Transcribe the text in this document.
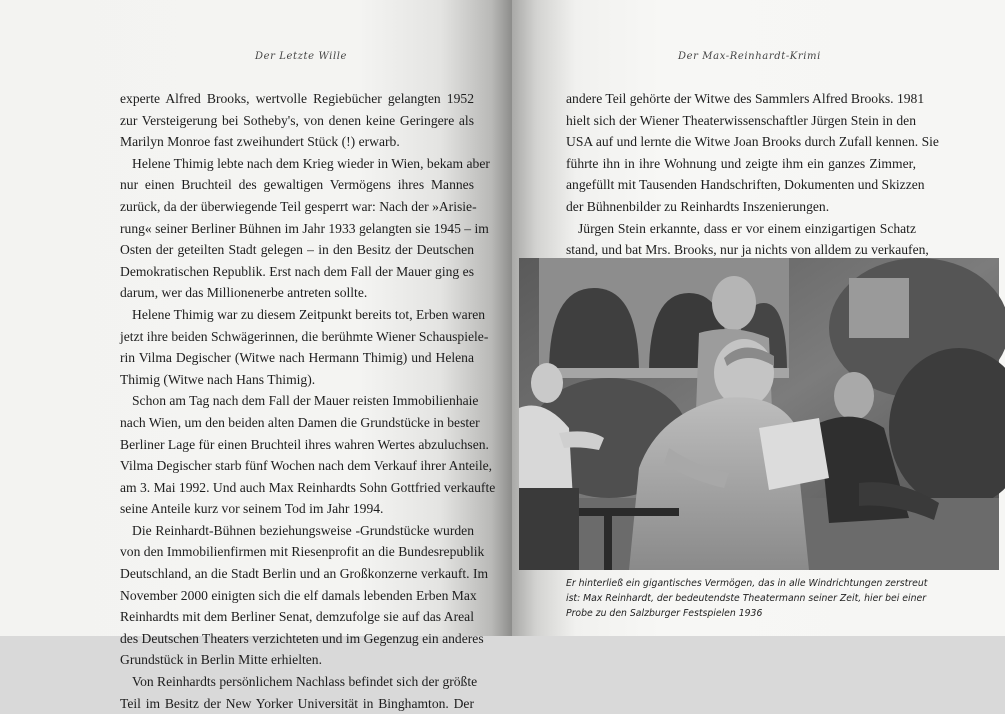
Der Letzte Wille
experte Alfred Brooks, wertvolle Regiebücher gelangten 1952
zur Versteigerung bei Sotheby's, von denen keine Geringere als
Marilyn Monroe fast zweihundert Stück (!) erwarb.
Helene Thimig lebte nach dem Krieg wieder in Wien, bekam aber
nur einen Bruchteil des gewaltigen Vermögens ihres Mannes
zurück, da der überwiegende Teil gesperrt war: Nach der »Arisie-
rung« seiner Berliner Bühnen im Jahr 1933 gelangten sie 1945 – im
Osten der geteilten Stadt gelegen – in den Besitz der Deutschen
Demokratischen Republik. Erst nach dem Fall der Mauer ging es
darum, wer das Millionenerbe antreten sollte.
Helene Thimig war zu diesem Zeitpunkt bereits tot, Erben waren
jetzt ihre beiden Schwägerinnen, die berühmte Wiener Schauspiele-
rin Vilma Degischer (Witwe nach Hermann Thimig) und Helena
Thimig (Witwe nach Hans Thimig).
Schon am Tag nach dem Fall der Mauer reisten Immobilienhaie
nach Wien, um den beiden alten Damen die Grundstücke in bester
Berliner Lage für einen Bruchteil ihres wahren Wertes abzuluchsen.
Vilma Degischer starb fünf Wochen nach dem Verkauf ihrer Anteile,
am 3. Mai 1992. Und auch Max Reinhardts Sohn Gottfried verkaufte
seine Anteile kurz vor seinem Tod im Jahr 1994.
Die Reinhardt-Bühnen beziehungsweise -Grundstücke wurden
von den Immobilienfirmen mit Riesenprofit an die Bundesrepublik
Deutschland, an die Stadt Berlin und an Großkonzerne verkauft. Im
November 2000 einigten sich die elf damals lebenden Erben Max
Reinhardts mit dem Berliner Senat, demzufolge sie auf das Areal
des Deutschen Theaters verzichteten und im Gegenzug ein anderes
Grundstück in Berlin Mitte erhielten.
Von Reinhardts persönlichem Nachlass befindet sich der größte
Teil im Besitz der New Yorker Universität in Binghamton. Der
Der Max-Reinhardt-Krimi
andere Teil gehörte der Witwe des Sammlers Alfred Brooks. 1981
hielt sich der Wiener Theaterwissenschaftler Jürgen Stein in den
USA auf und lernte die Witwe Joan Brooks durch Zufall kennen. Sie
führte ihn in ihre Wohnung und zeigte ihm ein ganzes Zimmer,
angefüllt mit Tausenden Handschriften, Dokumenten und Skizzen
der Bühnenbilder zu Reinhardts Inszenierungen.
Jürgen Stein erkannte, dass er vor einem einzigartigen Schatz
stand, und bat Mrs. Brooks, nur ja nichts von alldem zu verkaufen,
Er hinterließ ein gigantisches Vermögen, das in alle Windrichtungen zerstreut
ist: Max Reinhardt, der bedeutendste Theatermann seiner Zeit, hier bei einer
Probe zu den Salzburger Festspielen 1936
